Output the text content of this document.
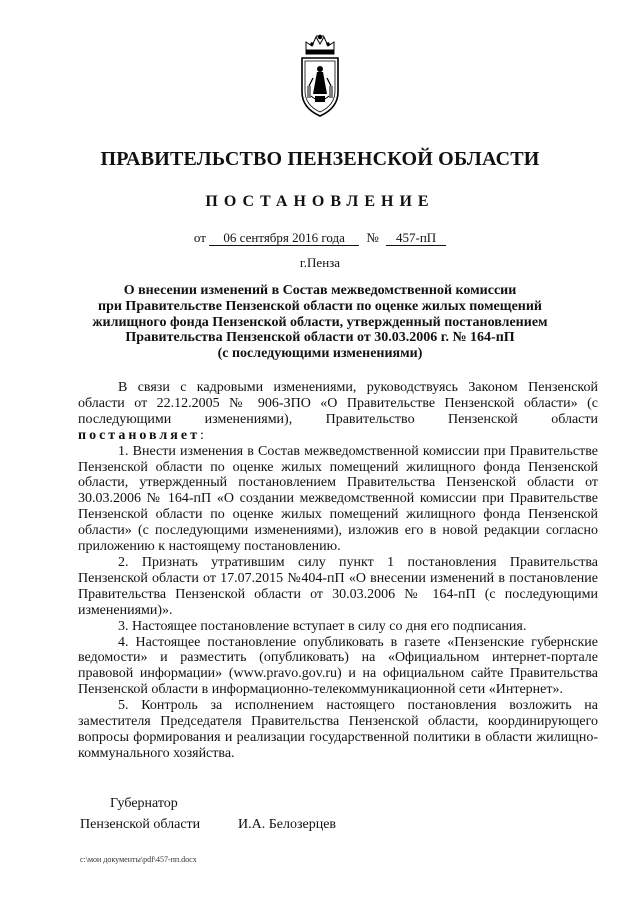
ПРАВИТЕЛЬСТВО ПЕНЗЕНСКОЙ ОБЛАСТИ
ПОСТАНОВЛЕНИЕ
от 06 сентября 2016 года № 457-пП
г.Пенза
О внесении изменений в Состав межведомственной комиссии
при Правительстве Пензенской области по оценке жилых помещений
жилищного фонда Пензенской области, утвержденный постановлением
Правительства Пензенской области от 30.03.2006 г. № 164-пП
(с последующими изменениями)

В связи с кадровыми изменениями, руководствуясь Законом Пензенской области от 22.12.2005 № 906-ЗПО «О Правительстве Пензенской области» (с последующими изменениями), Правительство Пензенской области постановляет:

1. Внести изменения в Состав межведомственной комиссии при Правительстве Пензенской области по оценке жилых помещений жилищного фонда Пензенской области, утвержденный постановлением Правительства Пензенской области от 30.03.2006 № 164-пП «О создании межведомственной комиссии при Правительстве Пензенской области по оценке жилых помещений жилищного фонда Пензенской области» (с последующими изменениями), изложив его в новой редакции согласно приложению к настоящему постановлению.

2. Признать утратившим силу пункт 1 постановления Правительства Пензенской области от 17.07.2015 №404-пП «О внесении изменений в постановление Правительства Пензенской области от 30.03.2006 № 164-пП (с последующими изменениями)».

3. Настоящее постановление вступает в силу со дня его подписания.

4. Настоящее постановление опубликовать в газете «Пензенские губернские ведомости» и разместить (опубликовать) на «Официальном интернет-портале правовой информации» (www.pravo.gov.ru) и на официальном сайте Правительства Пензенской области в информационно-телекоммуникационной сети «Интернет».

5. Контроль за исполнением настоящего постановления возложить на заместителя Председателя Правительства Пензенской области, координирующего вопросы формирования и реализации государственной политики в области жилищно-коммунального хозяйства.

Губернатор
Пензенской области	И.А. Белозерцев
c:\мои документы\pdf\457-пп.docx
